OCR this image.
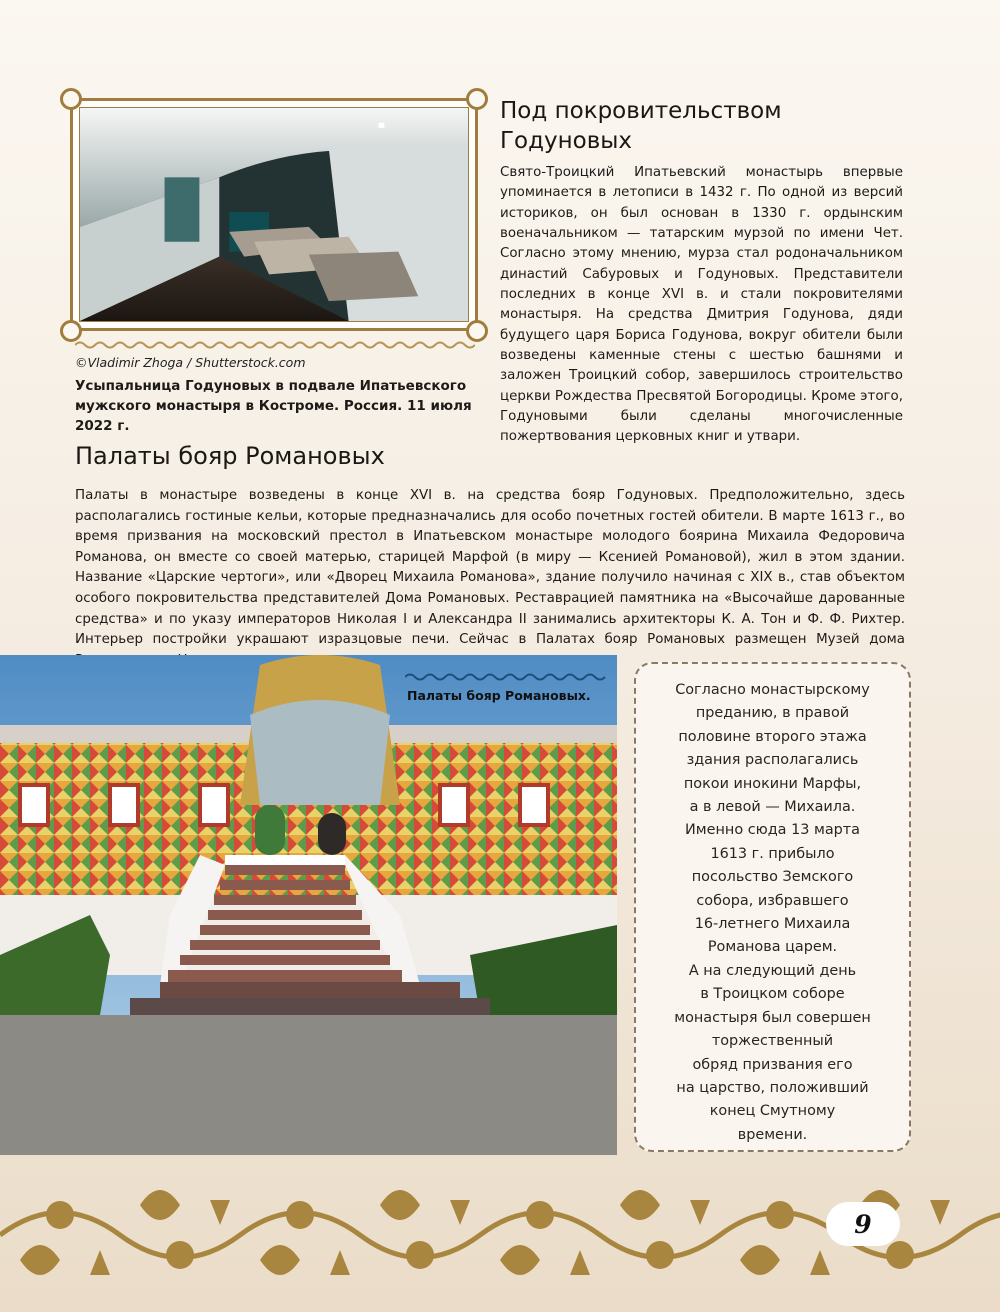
©Vladimir Zhoga / Shutterstock.com
Усыпальница Годуновых в подвале Ипатьевского мужского монастыря в Костроме. Россия. 11 июля 2022 г.
Под покровительством Годуновых
Свято-Троицкий Ипатьевский монастырь впервые упоминается в летописи в 1432 г. По одной из версий историков, он был основан в 1330 г. ордынским военачальником — татарским мурзой по имени Чет. Согласно этому мнению, мурза стал родоначальником династий Сабуровых и Годуновых. Представители последних в конце XVI в. и стали покровителями монастыря. На средства Дмитрия Годунова, дяди будущего царя Бориса Годунова, вокруг обители были возведены каменные стены с шестью башнями и заложен Троицкий собор, завершилось строительство церкви Рождества Пресвятой Богородицы. Кроме этого, Годуновыми были сделаны многочисленные пожертвования церковных книг и утвари.
Палаты бояр Романовых
Палаты в монастыре возведены в конце XVI в. на средства бояр Годуновых. Предположительно, здесь располагались гостиные кельи, которые предназначались для особо почетных гостей обители. В марте 1613 г., во время призвания на московский престол в Ипатьевском монастыре молодого боярина Михаила Федоровича Романова, он вместе со своей матерью, старицей Марфой (в миру — Ксенией Романовой), жил в этом здании. Название «Царские чертоги», или «Дворец Михаила Романова», здание получило начиная с XIX в., став объектом особого покровительства представителей Дома Романовых. Реставрацией памятника на «Высочайше дарованные средства» и по указу императоров Николая I и Александра II занимались архитекторы К. А. Тон и Ф. Ф. Рихтер. Интерьер постройки украшают изразцовые печи. Сейчас в Палатах бояр Романовых размещен Музей дома
Палаты бояр Романовых.	Согласно монастырскому
преданию, в правой
половине второго этажа
здания располагались
покои инокини Марфы,
а в левой — Михаила.
Именно сюда 13 марта
1613 г. прибыло
посольство Земского
собора, избравшего
16-летнего Михаила
Романова царем.
А на следующий день
в Троицком соборе
монастыря был совершен
торжественный
обряд призвания его
на царство, положивший
конец Смутному
времени.
9
